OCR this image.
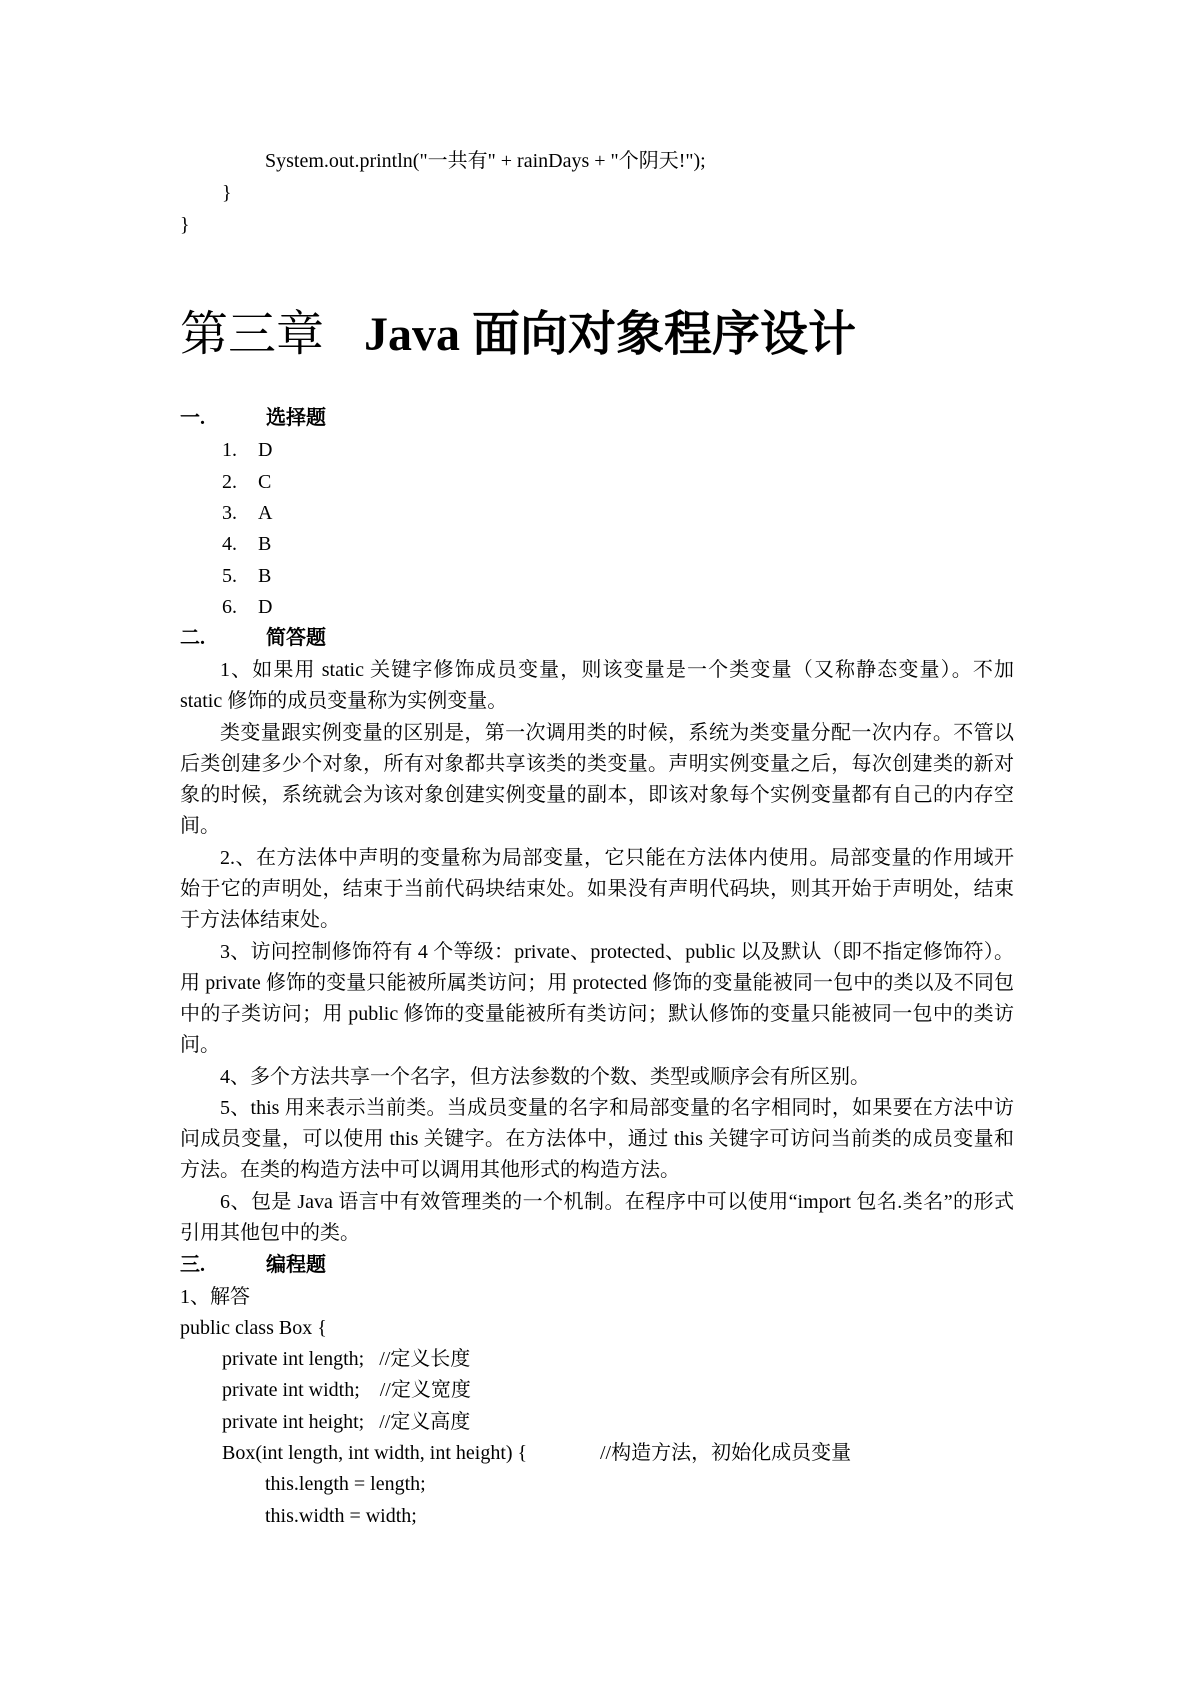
System.out.println("一共有" + rainDays + "个阴天!");
}
}
第三章 Java 面向对象程序设计
一.	选择题
1. D
2. C
3. A
4. B
5. B
6. D
二.	简答题
1、如果用 static 关键字修饰成员变量，则该变量是一个类变量（又称静态变量）。不加 static 修饰的成员变量称为实例变量。
类变量跟实例变量的区别是，第一次调用类的时候，系统为类变量分配一次内存。不管以后类创建多少个对象，所有对象都共享该类的类变量。声明实例变量之后，每次创建类的新对象的时候，系统就会为该对象创建实例变量的副本，即该对象每个实例变量都有自己的内存空间。
2.、在方法体中声明的变量称为局部变量，它只能在方法体内使用。局部变量的作用域开始于它的声明处，结束于当前代码块结束处。如果没有声明代码块，则其开始于声明处，结束于方法体结束处。
3、访问控制修饰符有 4 个等级：private、protected、public 以及默认（即不指定修饰符）。用 private 修饰的变量只能被所属类访问；用 protected 修饰的变量能被同一包中的类以及不同包中的子类访问；用 public 修饰的变量能被所有类访问；默认修饰的变量只能被同一包中的类访问。
4、多个方法共享一个名字，但方法参数的个数、类型或顺序会有所区别。
5、this 用来表示当前类。当成员变量的名字和局部变量的名字相同时，如果要在方法中访问成员变量，可以使用 this 关键字。在方法体中，通过 this 关键字可访问当前类的成员变量和方法。在类的构造方法中可以调用其他形式的构造方法。
6、包是 Java 语言中有效管理类的一个机制。在程序中可以使用“import 包名.类名”的形式引用其他包中的类。
三.	编程题
1、解答
public class Box {
private int length;   //定义长度
private int width;    //定义宽度
private int height;   //定义高度
Box(int length, int width, int height) {	//构造方法，初始化成员变量
this.length = length;
this.width = width;
